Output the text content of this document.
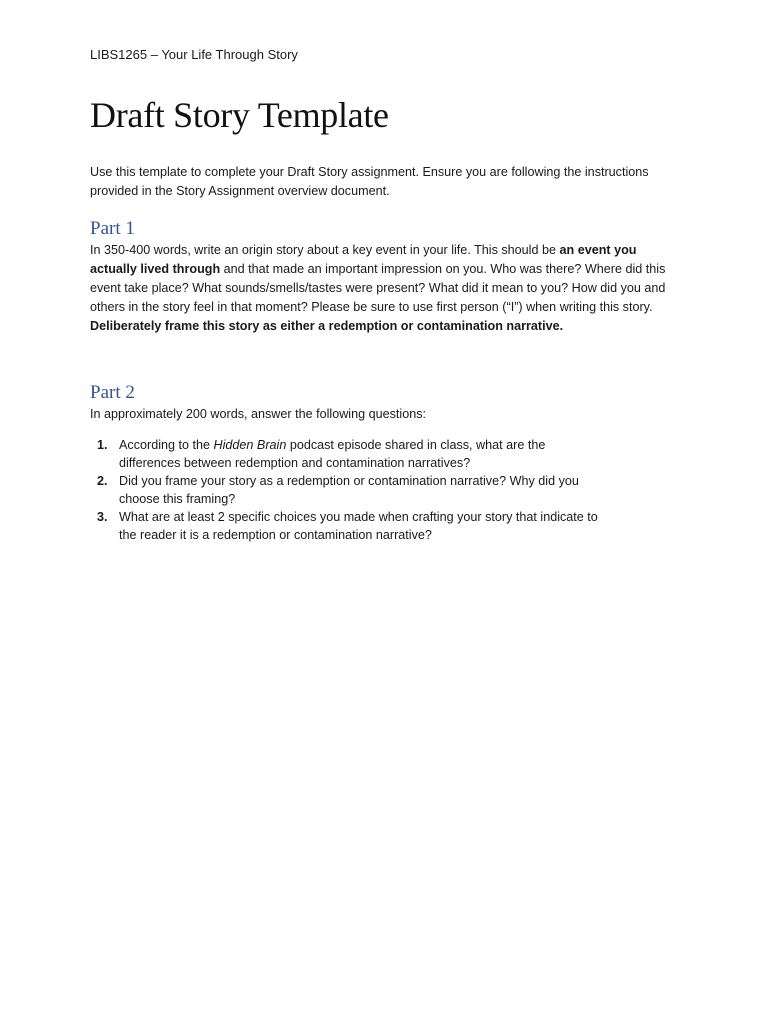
LIBS1265 – Your Life Through Story
Draft Story Template

Use this template to complete your Draft Story assignment. Ensure you are following the instructions provided in the Story Assignment overview document.

Part 1

In 350-400 words, write an origin story about a key event in your life. This should be an event you actually lived through and that made an important impression on you. Who was there? Where did this event take place? What sounds/smells/tastes were present? What did it mean to you? How did you and others in the story feel in that moment? Please be sure to use first person (“I”) when writing this story. Deliberately frame this story as either a redemption or contamination narrative.

Part 2

In approximately 200 words, answer the following questions:

1. According to the Hidden Brain podcast episode shared in class, what are the differences between redemption and contamination narratives?
2. Did you frame your story as a redemption or contamination narrative? Why did you choose this framing?
3. What are at least 2 specific choices you made when crafting your story that indicate to the reader it is a redemption or contamination narrative?
